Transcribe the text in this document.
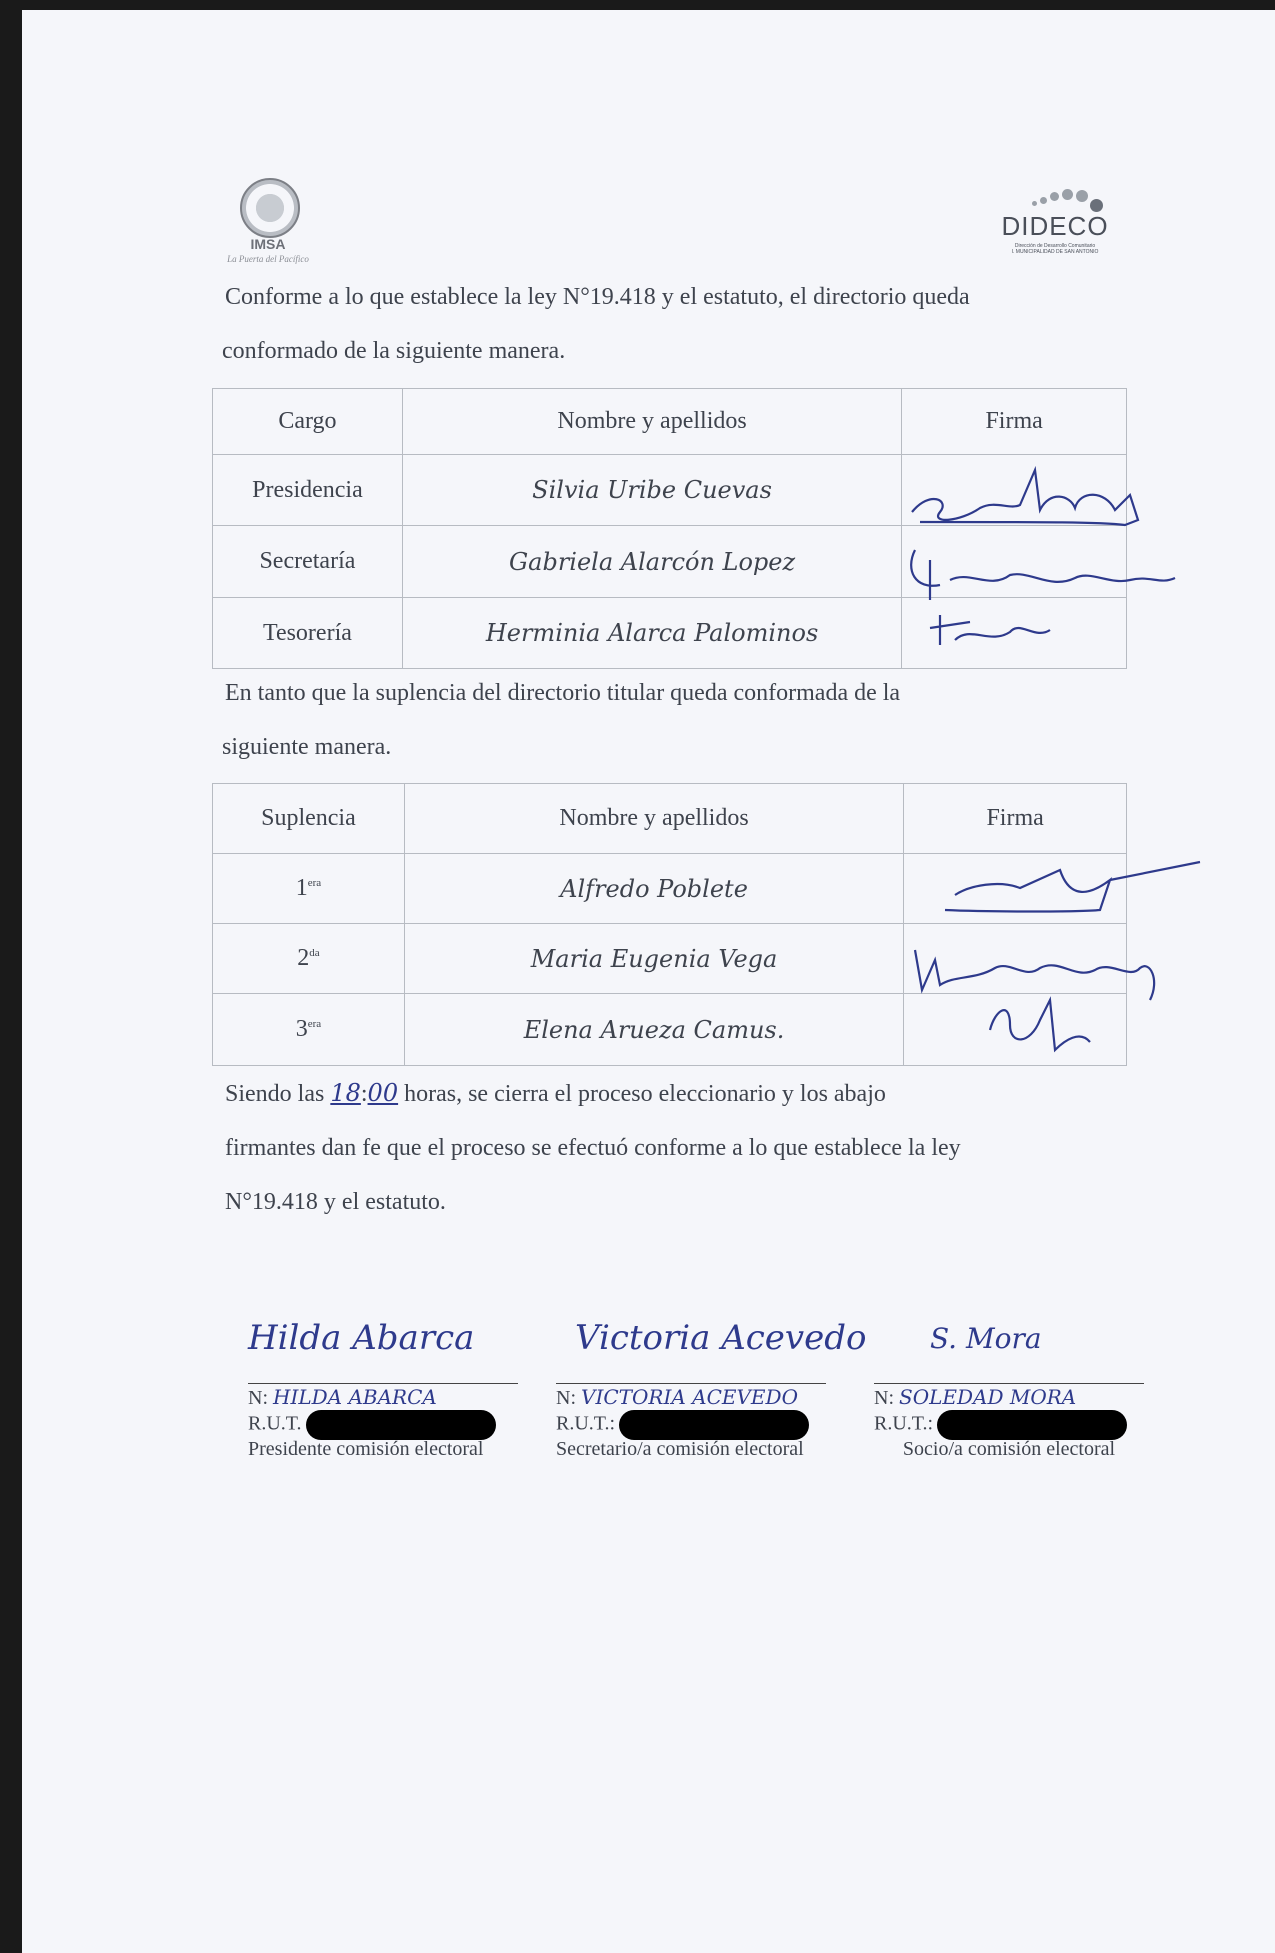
IMSA
La Puerta del Pacífico
DIDECO
Dirección de Desarrollo Comunitario
I. MUNICIPALIDAD DE SAN ANTONIO
Conforme a lo que establece la ley N°19.418 y el estatuto, el directorio queda
conformado de la siguiente manera.
Cargo	Nombre y apellidos	Firma
Presidencia	Silvia Uribe Cuevas	
Secretaría	Gabriela Alarcón Lopez	
Tesorería	Herminia Alarca Palominos	
En tanto que la suplencia del directorio titular queda conformada de la
siguiente manera.
Suplencia	Nombre y apellidos	Firma
$1^{era}$	Alfredo Poblete	
$2^{da}$	Maria Eugenia Vega	
$3^{era}$	Elena Arueza Camus.	
Siendo las 18:00 horas, se cierra el proceso eleccionario y los abajo
firmantes dan fe que el proceso se efectuó conforme a lo que establece la ley
N°19.418 y el estatuto.
Hilda Abarca	Victoria Acevedo S. Mora
N: HILDA ABARCA
R.U.T.
Presidente comisión electoral
N: VICTORIA ACEVEDO
R.U.T.:
Secretario/a comisión electoral
N: SOLEDAD MORA
R.U.T.:
Socio/a comisión electoral
